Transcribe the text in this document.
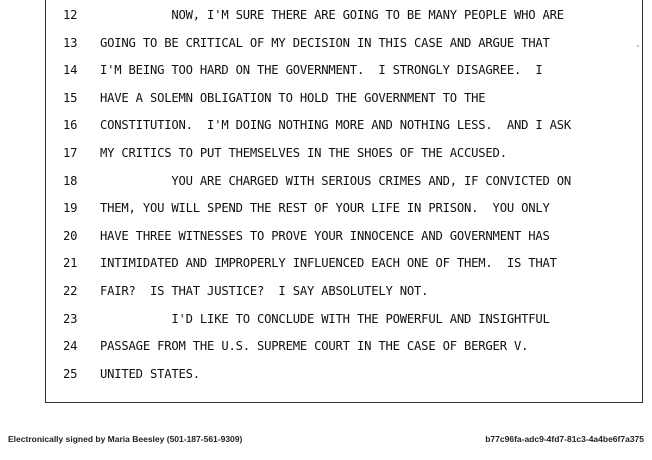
12 NOW, I'M SURE THERE ARE GOING TO BE MANY PEOPLE WHO ARE
13 GOING TO BE CRITICAL OF MY DECISION IN THIS CASE AND ARGUE THAT
14 I'M BEING TOO HARD ON THE GOVERNMENT.  I STRONGLY DISAGREE.  I
15 HAVE A SOLEMN OBLIGATION TO HOLD THE GOVERNMENT TO THE
16 CONSTITUTION.  I'M DOING NOTHING MORE AND NOTHING LESS.  AND I ASK
17 MY CRITICS TO PUT THEMSELVES IN THE SHOES OF THE ACCUSED.
18 YOU ARE CHARGED WITH SERIOUS CRIMES AND, IF CONVICTED ON
19 THEM, YOU WILL SPEND THE REST OF YOUR LIFE IN PRISON.  YOU ONLY
20 HAVE THREE WITNESSES TO PROVE YOUR INNOCENCE AND GOVERNMENT HAS
21 INTIMIDATED AND IMPROPERLY INFLUENCED EACH ONE OF THEM.  IS THAT
22 FAIR?  IS THAT JUSTICE?  I SAY ABSOLUTELY NOT.
23 I'D LIKE TO CONCLUDE WITH THE POWERFUL AND INSIGHTFUL
24 PASSAGE FROM THE U.S. SUPREME COURT IN THE CASE OF BERGER V.
25 UNITED STATES.
Electronically signed by Maria Beesley (501-187-561-9309)	b77c96fa-adc9-4fd7-81c3-4a4be6f7a375
